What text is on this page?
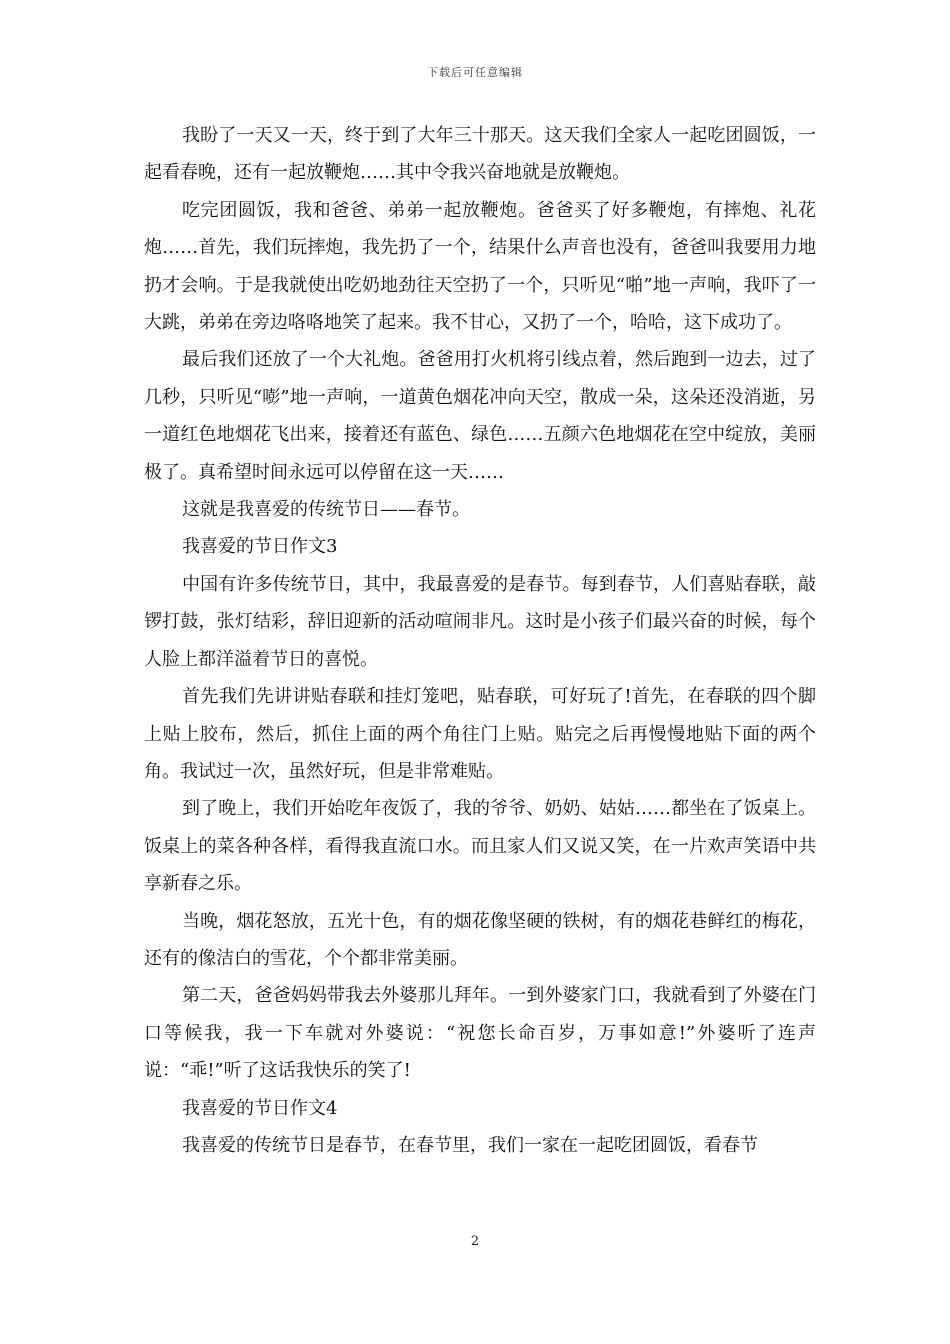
下载后可任意编辑

我盼了一天又一天，终于到了大年三十那天。这天我们全家人一起吃团圆饭，一起看春晚，还有一起放鞭炮……其中令我兴奋地就是放鞭炮。

吃完团圆饭，我和爸爸、弟弟一起放鞭炮。爸爸买了好多鞭炮，有摔炮、礼花炮……首先，我们玩摔炮，我先扔了一个，结果什么声音也没有，爸爸叫我要用力地扔才会响。于是我就使出吃奶地劲往天空扔了一个，只听见“啪”地一声响，我吓了一大跳，弟弟在旁边咯咯地笑了起来。我不甘心，又扔了一个，哈哈，这下成功了。

最后我们还放了一个大礼炮。爸爸用打火机将引线点着，然后跑到一边去，过了几秒，只听见“嘭”地一声响，一道黄色烟花冲向天空，散成一朵，这朵还没消逝，另一道红色地烟花飞出来，接着还有蓝色、绿色……五颜六色地烟花在空中绽放，美丽极了。真希望时间永远可以停留在这一天……

这就是我喜爱的传统节日——春节。

我喜爱的节日作文3

中国有许多传统节日，其中，我最喜爱的是春节。每到春节，人们喜贴春联，敲锣打鼓，张灯结彩，辞旧迎新的活动喧闹非凡。这时是小孩子们最兴奋的时候，每个人脸上都洋溢着节日的喜悦。

首先我们先讲讲贴春联和挂灯笼吧，贴春联，可好玩了!首先，在春联的四个脚上贴上胶布，然后，抓住上面的两个角往门上贴。贴完之后再慢慢地贴下面的两个角。我试过一次，虽然好玩，但是非常难贴。

到了晚上，我们开始吃年夜饭了，我的爷爷、奶奶、姑姑……都坐在了饭桌上。饭桌上的菜各种各样，看得我直流口水。而且家人们又说又笑，在一片欢声笑语中共享新春之乐。

当晚，烟花怒放，五光十色，有的烟花像坚硬的铁树，有的烟花巷鲜红的梅花，还有的像洁白的雪花，个个都非常美丽。

第二天，爸爸妈妈带我去外婆那儿拜年。一到外婆家门口，我就看到了外婆在门口等候我，我一下车就对外婆说：“祝您长命百岁，万事如意!”外婆听了连声说：“乖!”听了这话我快乐的笑了!

我喜爱的节日作文4

我喜爱的传统节日是春节，在春节里，我们一家在一起吃团圆饭，看春节

2
